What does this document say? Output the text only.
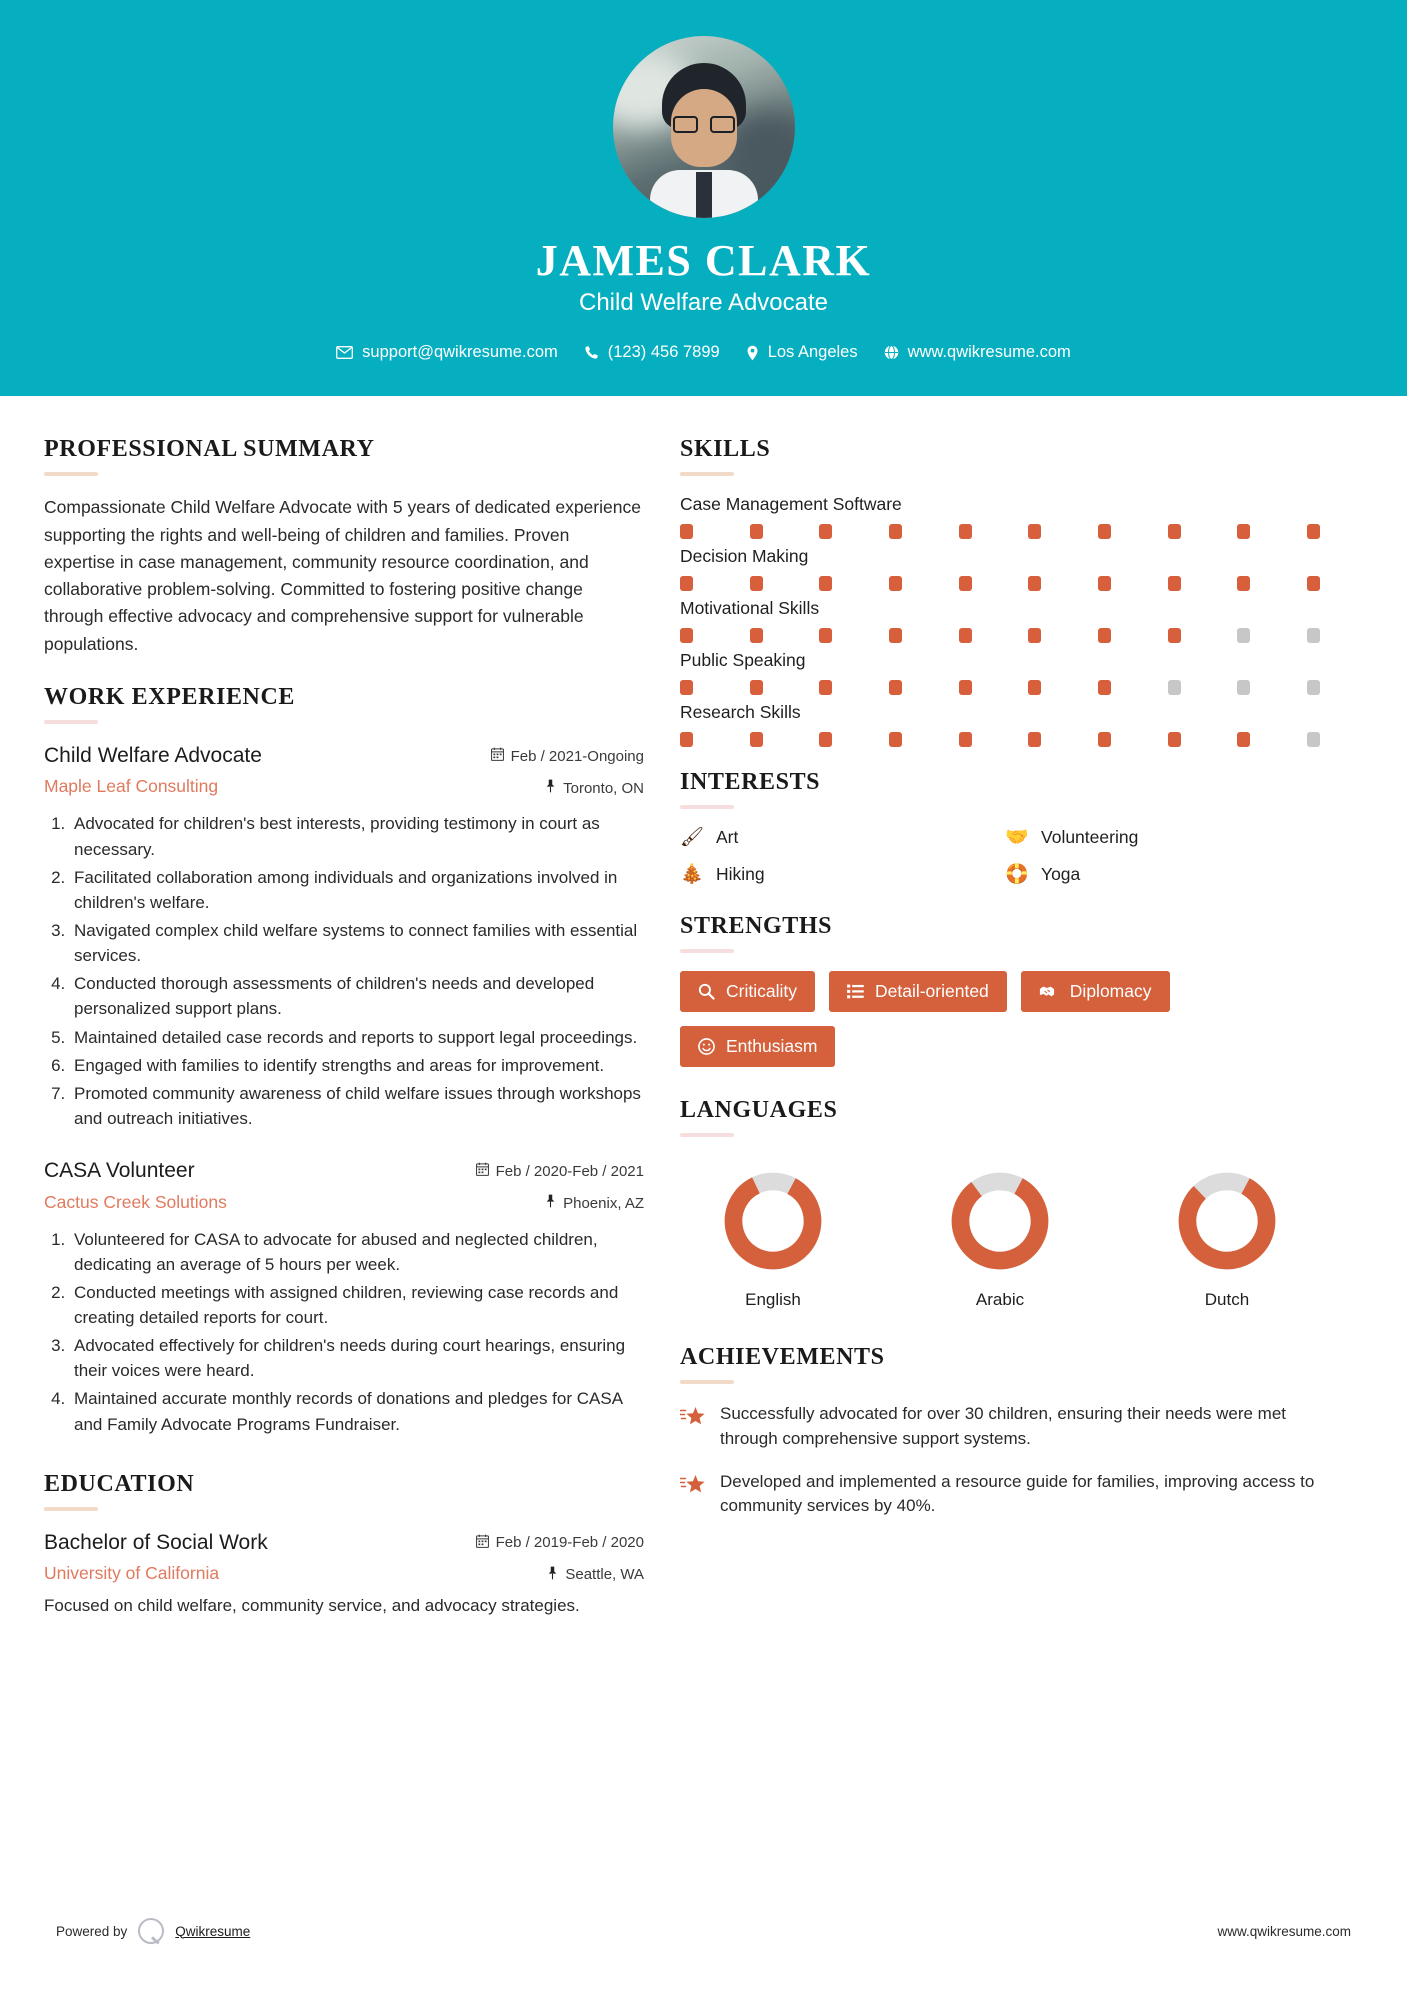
JAMES CLARK
Child Welfare Advocate
support@qwikresume.com	(123) 456 7899	Los Angeles	www.qwikresume.com
PROFESSIONAL SUMMARY
Compassionate Child Welfare Advocate with 5 years of dedicated experience supporting the rights and well-being of children and families. Proven expertise in case management, community resource coordination, and collaborative problem-solving. Committed to fostering positive change through effective advocacy and comprehensive support for vulnerable populations.
WORK EXPERIENCE
Child Welfare Advocate
Maple Leaf Consulting
Feb / 2021-Ongoing
Toronto, ON
1. Advocated for children's best interests, providing testimony in court as necessary.
2. Facilitated collaboration among individuals and organizations involved in children's welfare.
3. Navigated complex child welfare systems to connect families with essential services.
4. Conducted thorough assessments of children's needs and developed personalized support plans.
5. Maintained detailed case records and reports to support legal proceedings.
6. Engaged with families to identify strengths and areas for improvement.
7. Promoted community awareness of child welfare issues through workshops and outreach initiatives.
CASA Volunteer
Cactus Creek Solutions
Feb / 2020-Feb / 2021
Phoenix, AZ
1. Volunteered for CASA to advocate for abused and neglected children, dedicating an average of 5 hours per week.
2. Conducted meetings with assigned children, reviewing case records and creating detailed reports for court.
3. Advocated effectively for children's needs during court hearings, ensuring their voices were heard.
4. Maintained accurate monthly records of donations and pledges for CASA and Family Advocate Programs Fundraiser.
EDUCATION
Bachelor of Social Work
University of California
Feb / 2019-Feb / 2020
Seattle, WA
Focused on child welfare, community service, and advocacy strategies.
SKILLS
Case Management Software
Decision Making
Motivational Skills
Public Speaking
Research Skills
INTERESTS
🖌 Art	🤝 Volunteering
🎄 Hiking	🛟 Yoga
STRENGTHS
Criticality	Detail-oriented	Diplomacy
Enthusiasm
LANGUAGES
English	Arabic	Dutch
ACHIEVEMENTS
Successfully advocated for over 30 children, ensuring their needs were met through comprehensive support systems.
Developed and implemented a resource guide for families, improving access to community services by 40%.
Powered by	Qwikresume	www.qwikresume.com
